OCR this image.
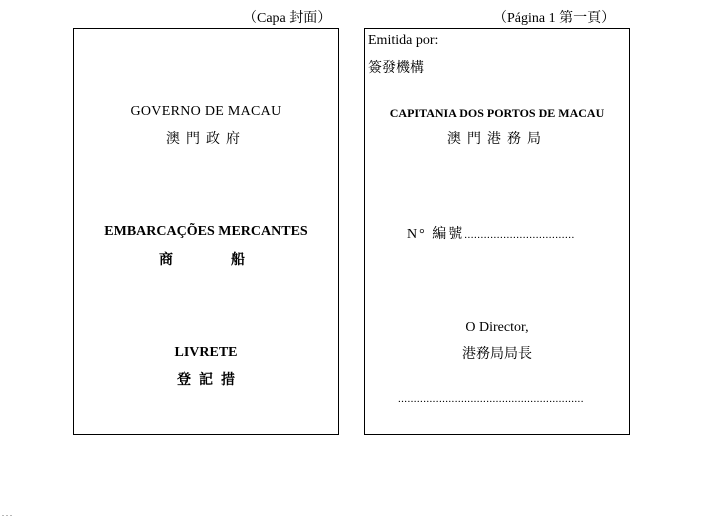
（Capa 封面）	（Página 1 第一頁）
GOVERNO DE MACAU
澳門政府
EMBARCAÇÕES MERCANTES
商船
LIVRETE
登記措
Emitida por:
簽發機構
CAPITANIA DOS PORTOS DE MACAU
澳門港務局
N° 編號..................................
O Director,
港務局局長
...........................................................
. . .
